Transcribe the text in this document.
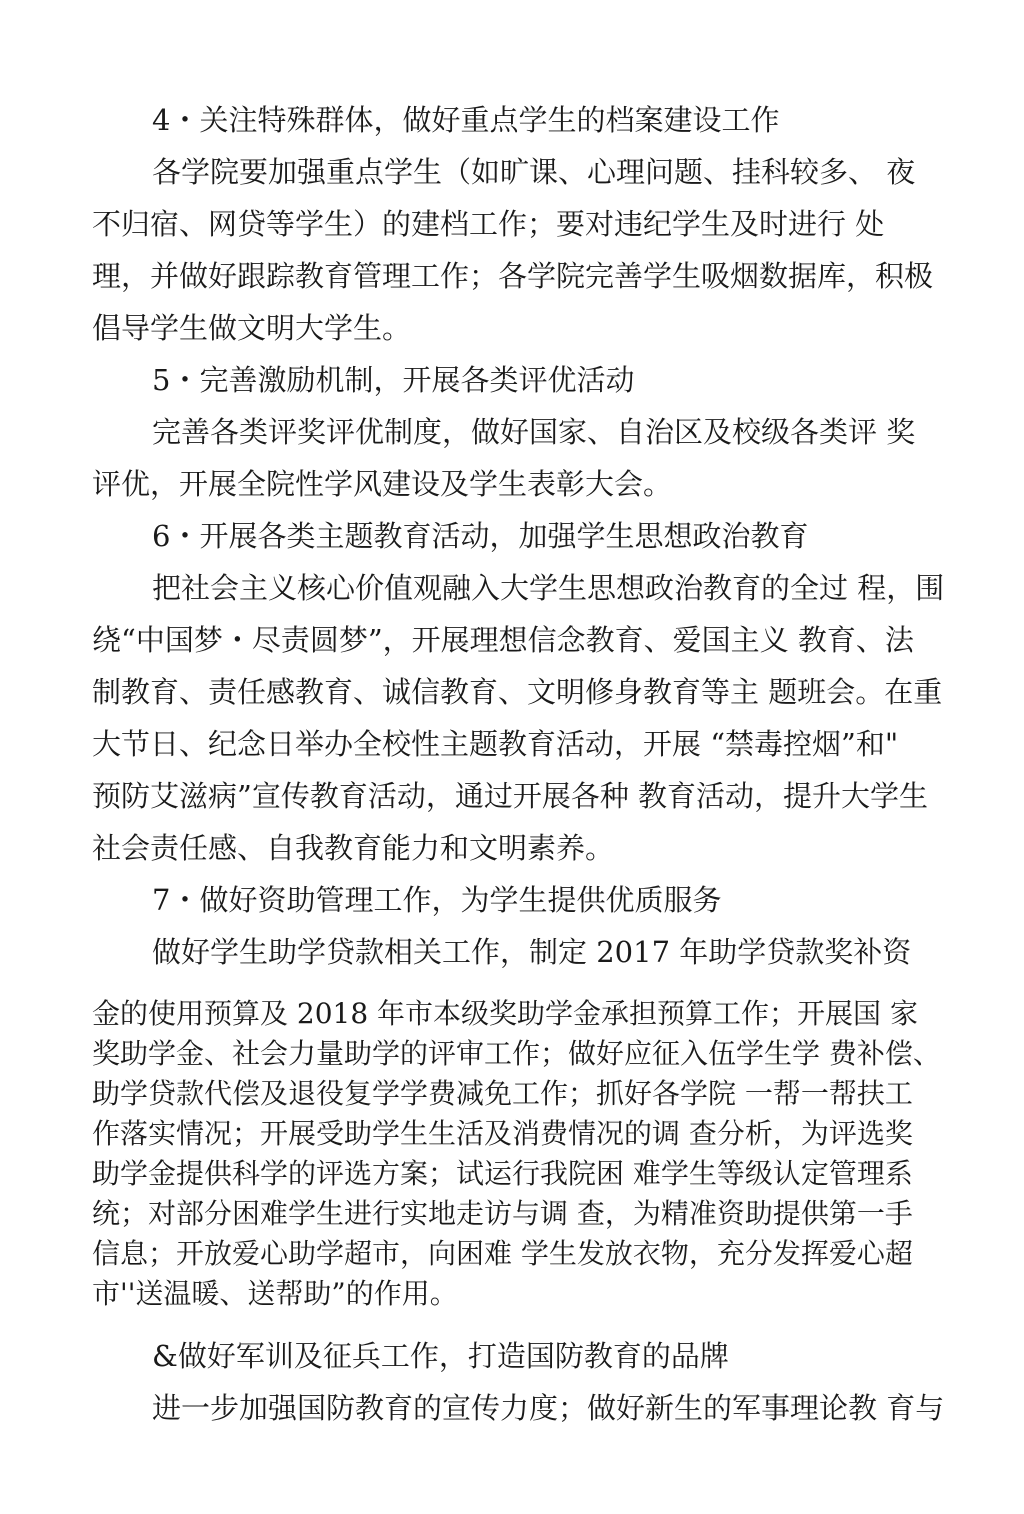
4・关注特殊群体，做好重点学生的档案建设工作
各学院要加强重点学生（如旷课、心理问题、挂科较多、 夜
不归宿、网贷等学生）的建档工作；要对违纪学生及时进行 处
理，并做好跟踪教育管理工作；各学院完善学生吸烟数据库，积极
倡导学生做文明大学生。
5・完善激励机制，开展各类评优活动
完善各类评奖评优制度，做好国家、自治区及校级各类评 奖
评优，开展全院性学风建设及学生表彰大会。
6・开展各类主题教育活动，加强学生思想政治教育
把社会主义核心价值观融入大学生思想政治教育的全过 程，围
绕“中国梦・尽责圆梦”，开展理想信念教育、爱国主义 教育、法
制教育、责任感教育、诚信教育、文明修身教育等主 题班会。在重
大节日、纪念日举办全校性主题教育活动，开展 “禁毒控烟”和"
预防艾滋病”宣传教育活动，通过开展各种 教育活动，提升大学生
社会责任感、自我教育能力和文明素养。
7・做好资助管理工作，为学生提供优质服务
做好学生助学贷款相关工作，制定 2017 年助学贷款奖补资
金的使用预算及 2018 年市本级奖助学金承担预算工作；开展国 家
奖助学金、社会力量助学的评审工作；做好应征入伍学生学 费补偿、
助学贷款代偿及退役复学学费减免工作；抓好各学院 一帮一帮扶工
作落实情况；开展受助学生生活及消费情况的调 查分析，为评选奖
助学金提供科学的评选方案；试运行我院困 难学生等级认定管理系
统；对部分困难学生进行实地走访与调 查，为精准资助提供第一手
信息；开放爱心助学超市，向困难 学生发放衣物，充分发挥爱心超
市''送温暖、送帮助”的作用。
&做好军训及征兵工作，打造国防教育的品牌
进一步加强国防教育的宣传力度；做好新生的军事理论教 育与
